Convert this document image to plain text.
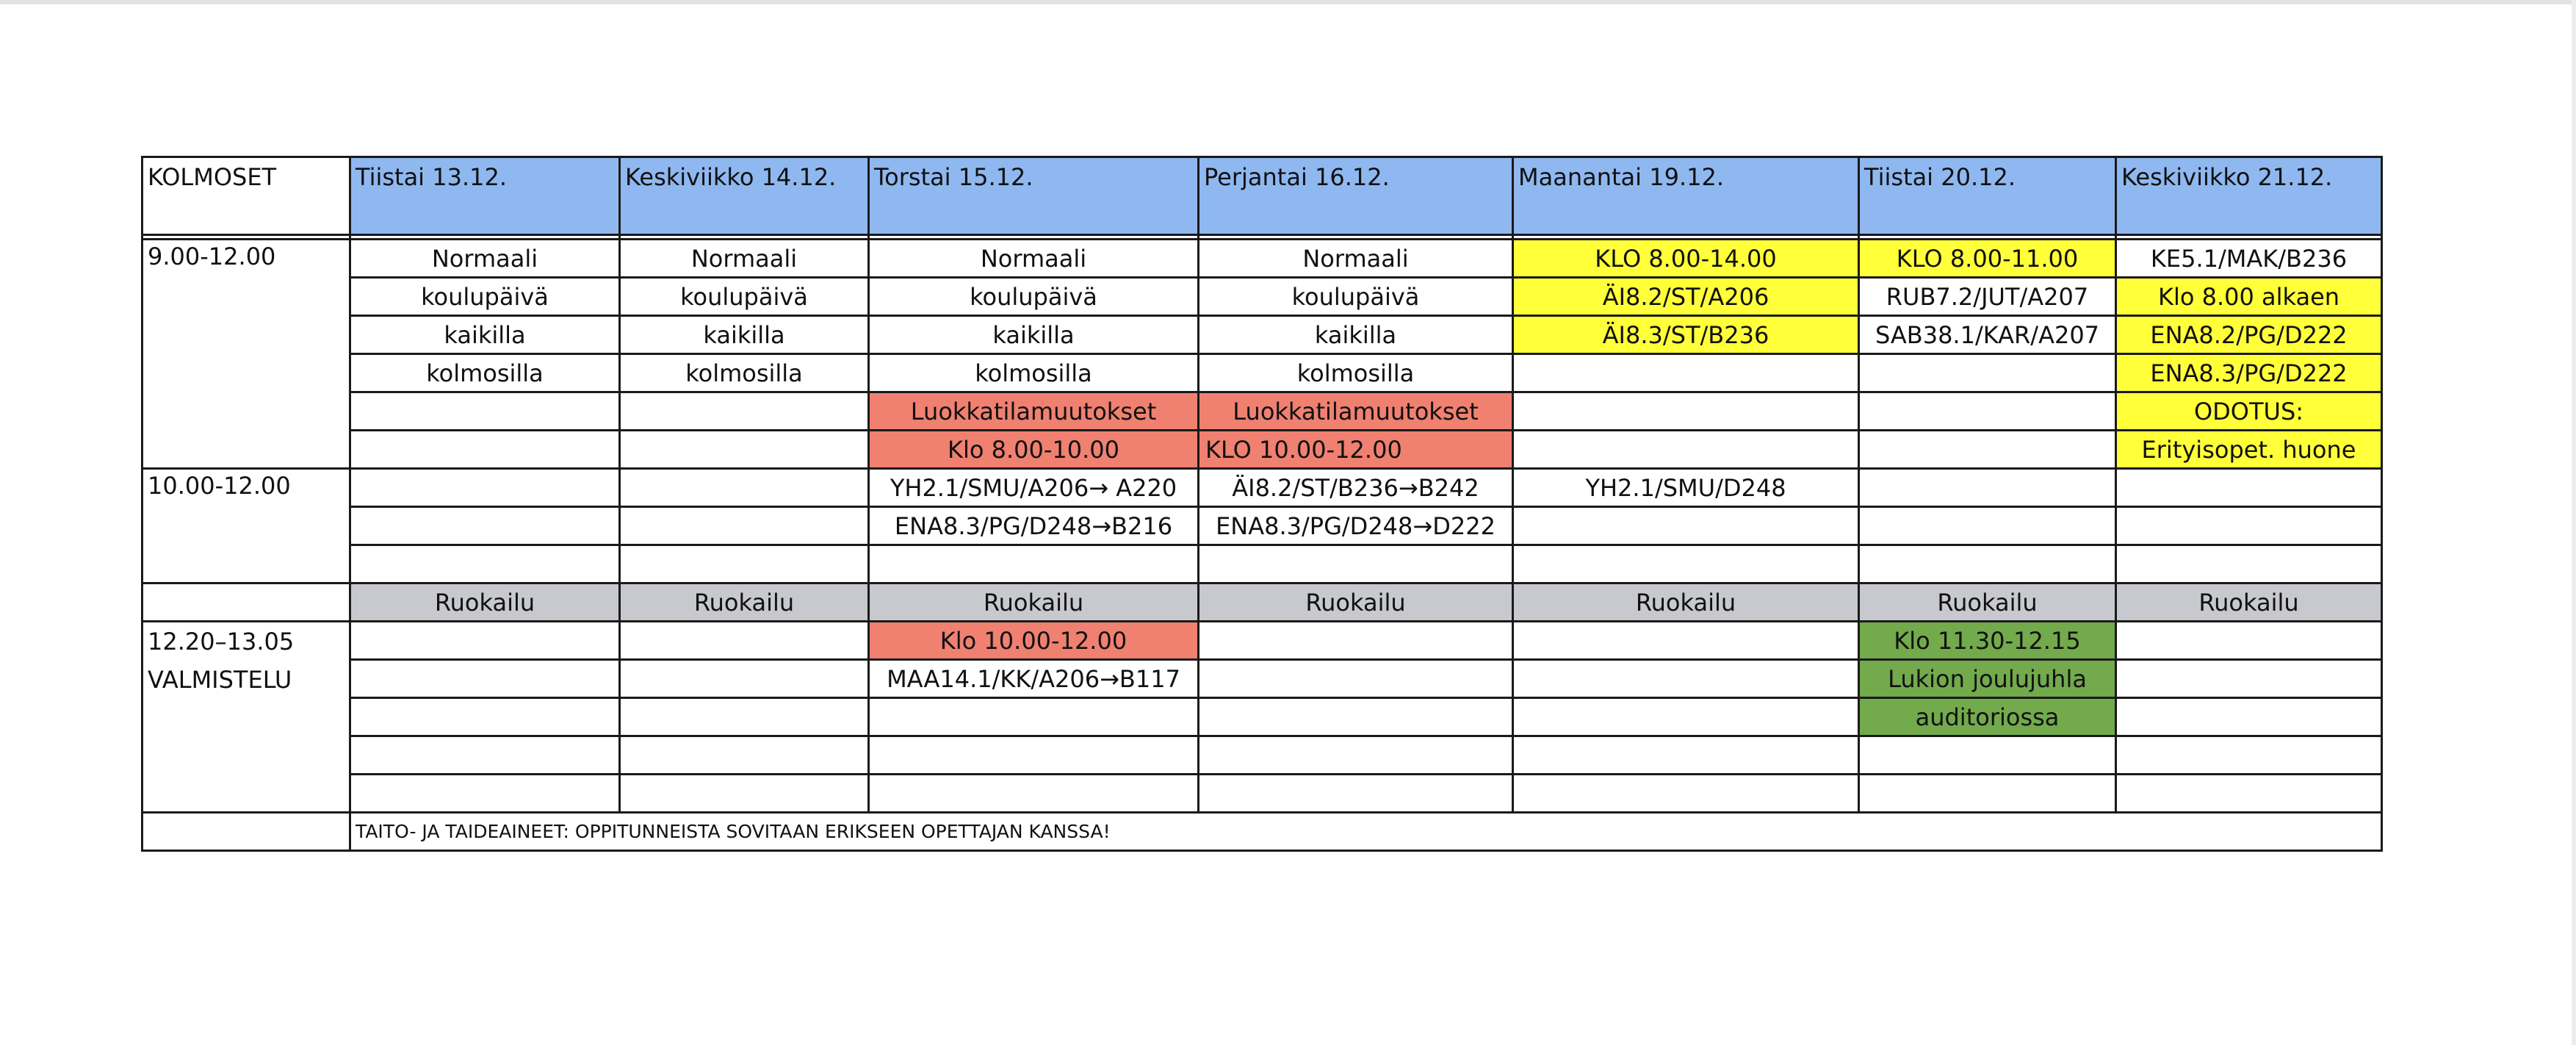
KOLMOSET	Tiistai 13.12.	Keskiviikko 14.12.	Torstai 15.12.	Perjantai 16.12.	Maanantai 19.12.	Tiistai 20.12.	Keskiviikko 21.12.

9.00-12.00	Normaali	Normaali	Normaali	Normaali	KLO 8.00-14.00	KLO 8.00-11.00	KE5.1/MAK/B236
	koulupäivä	koulupäivä	koulupäivä	koulupäivä	ÄI8.2/ST/A206	RUB7.2/JUT/A207	Klo 8.00 alkaen
	kaikilla	kaikilla	kaikilla	kaikilla	ÄI8.3/ST/B236	SAB38.1/KAR/A207	ENA8.2/PG/D222
	kolmosilla	kolmosilla	kolmosilla	kolmosilla			ENA8.3/PG/D222
			Luokkatilamuutokset	Luokkatilamuutokset			ODOTUS:
			Klo 8.00-10.00	KLO 10.00-12.00			Erityisopet. huone
10.00-12.00			YH2.1/SMU/A206→ A220	ÄI8.2/ST/B236→B242	YH2.1/SMU/D248		
			ENA8.3/PG/D248→B216	ENA8.3/PG/D248→D222			

	Ruokailu	Ruokailu	Ruokailu	Ruokailu	Ruokailu	Ruokailu	Ruokailu
12.20–13.05
VALMISTELU			Klo 10.00-12.00			Klo 11.30-12.15	
			MAA14.1/KK/A206→B117			Lukion joulujuhla	
						auditoriossa	

	TAITO- JA TAIDEAINEET: OPPITUNNEISTA SOVITAAN ERIKSEEN OPETTAJAN KANSSA!						
